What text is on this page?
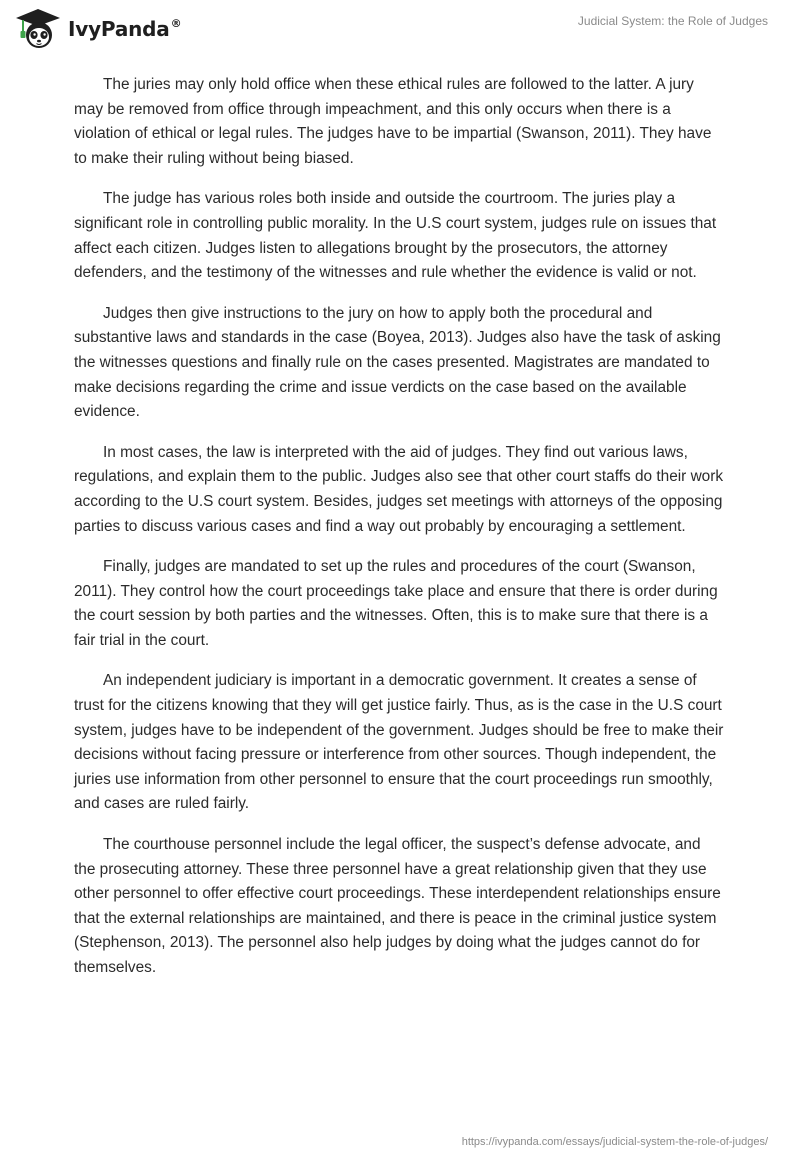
IvyPanda®	Judicial System: the Role of Judges

The juries may only hold office when these ethical rules are followed to the latter. A jury may be removed from office through impeachment, and this only occurs when there is a violation of ethical or legal rules. The judges have to be impartial (Swanson, 2011). They have to make their ruling without being biased.

The judge has various roles both inside and outside the courtroom. The juries play a significant role in controlling public morality. In the U.S court system, judges rule on issues that affect each citizen. Judges listen to allegations brought by the prosecutors, the attorney defenders, and the testimony of the witnesses and rule whether the evidence is valid or not.

Judges then give instructions to the jury on how to apply both the procedural and substantive laws and standards in the case (Boyea, 2013). Judges also have the task of asking the witnesses questions and finally rule on the cases presented. Magistrates are mandated to make decisions regarding the crime and issue verdicts on the case based on the available evidence.

In most cases, the law is interpreted with the aid of judges. They find out various laws, regulations, and explain them to the public. Judges also see that other court staffs do their work according to the U.S court system. Besides, judges set meetings with attorneys of the opposing parties to discuss various cases and find a way out probably by encouraging a settlement.

Finally, judges are mandated to set up the rules and procedures of the court (Swanson, 2011). They control how the court proceedings take place and ensure that there is order during the court session by both parties and the witnesses. Often, this is to make sure that there is a fair trial in the court.

An independent judiciary is important in a democratic government. It creates a sense of trust for the citizens knowing that they will get justice fairly. Thus, as is the case in the U.S court system, judges have to be independent of the government. Judges should be free to make their decisions without facing pressure or interference from other sources. Though independent, the juries use information from other personnel to ensure that the court proceedings run smoothly, and cases are ruled fairly.

The courthouse personnel include the legal officer, the suspect’s defense advocate, and the prosecuting attorney. These three personnel have a great relationship given that they use other personnel to offer effective court proceedings. These interdependent relationships ensure that the external relationships are maintained, and there is peace in the criminal justice system (Stephenson, 2013). The personnel also help judges by doing what the judges cannot do for themselves.

https://ivypanda.com/essays/judicial-system-the-role-of-judges/
